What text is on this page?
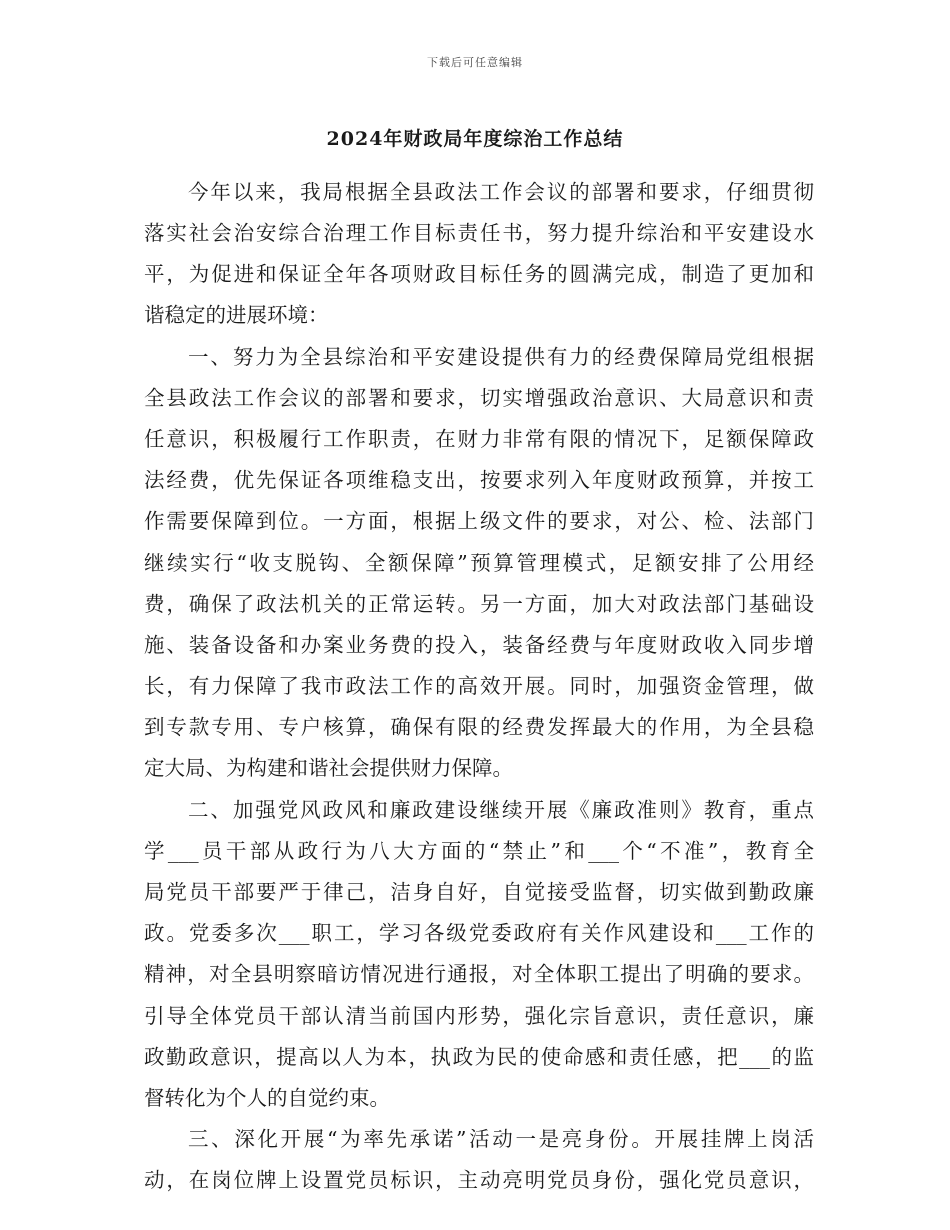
下载后可任意编辑
2024年财政局年度综治工作总结
今年以来，我局根据全县政法工作会议的部署和要求，仔细贯彻
落实社会治安综合治理工作目标责任书，努力提升综治和平安建设水
平，为促进和保证全年各项财政目标任务的圆满完成，制造了更加和
谐稳定的进展环境：
一、努力为全县综治和平安建设提供有力的经费保障局党组根据
全县政法工作会议的部署和要求，切实增强政治意识、大局意识和责
任意识，积极履行工作职责，在财力非常有限的情况下，足额保障政
法经费，优先保证各项维稳支出，按要求列入年度财政预算，并按工
作需要保障到位。一方面，根据上级文件的要求，对公、检、法部门
继续实行“收支脱钩、全额保障”预算管理模式，足额安排了公用经
费，确保了政法机关的正常运转。另一方面，加大对政法部门基础设
施、装备设备和办案业务费的投入，装备经费与年度财政收入同步增
长，有力保障了我市政法工作的高效开展。同时，加强资金管理，做
到专款专用、专户核算，确保有限的经费发挥最大的作用，为全县稳
定大局、为构建和谐社会提供财力保障。
二、加强党风政风和廉政建设继续开展《廉政准则》教育，重点
学___员干部从政行为八大方面的“禁止”和___个“不准”，教育全
局党员干部要严于律己，洁身自好，自觉接受监督，切实做到勤政廉
政。党委多次___职工，学习各级党委政府有关作风建设和___工作的
精神，对全县明察暗访情况进行通报，对全体职工提出了明确的要求。
引导全体党员干部认清当前国内形势，强化宗旨意识，责任意识，廉
政勤政意识，提高以人为本，执政为民的使命感和责任感，把___的监
督转化为个人的自觉约束。
三、深化开展“为率先承诺”活动一是亮身份。开展挂牌上岗活
动，在岗位牌上设置党员标识，主动亮明党员身份，强化党员意识，
